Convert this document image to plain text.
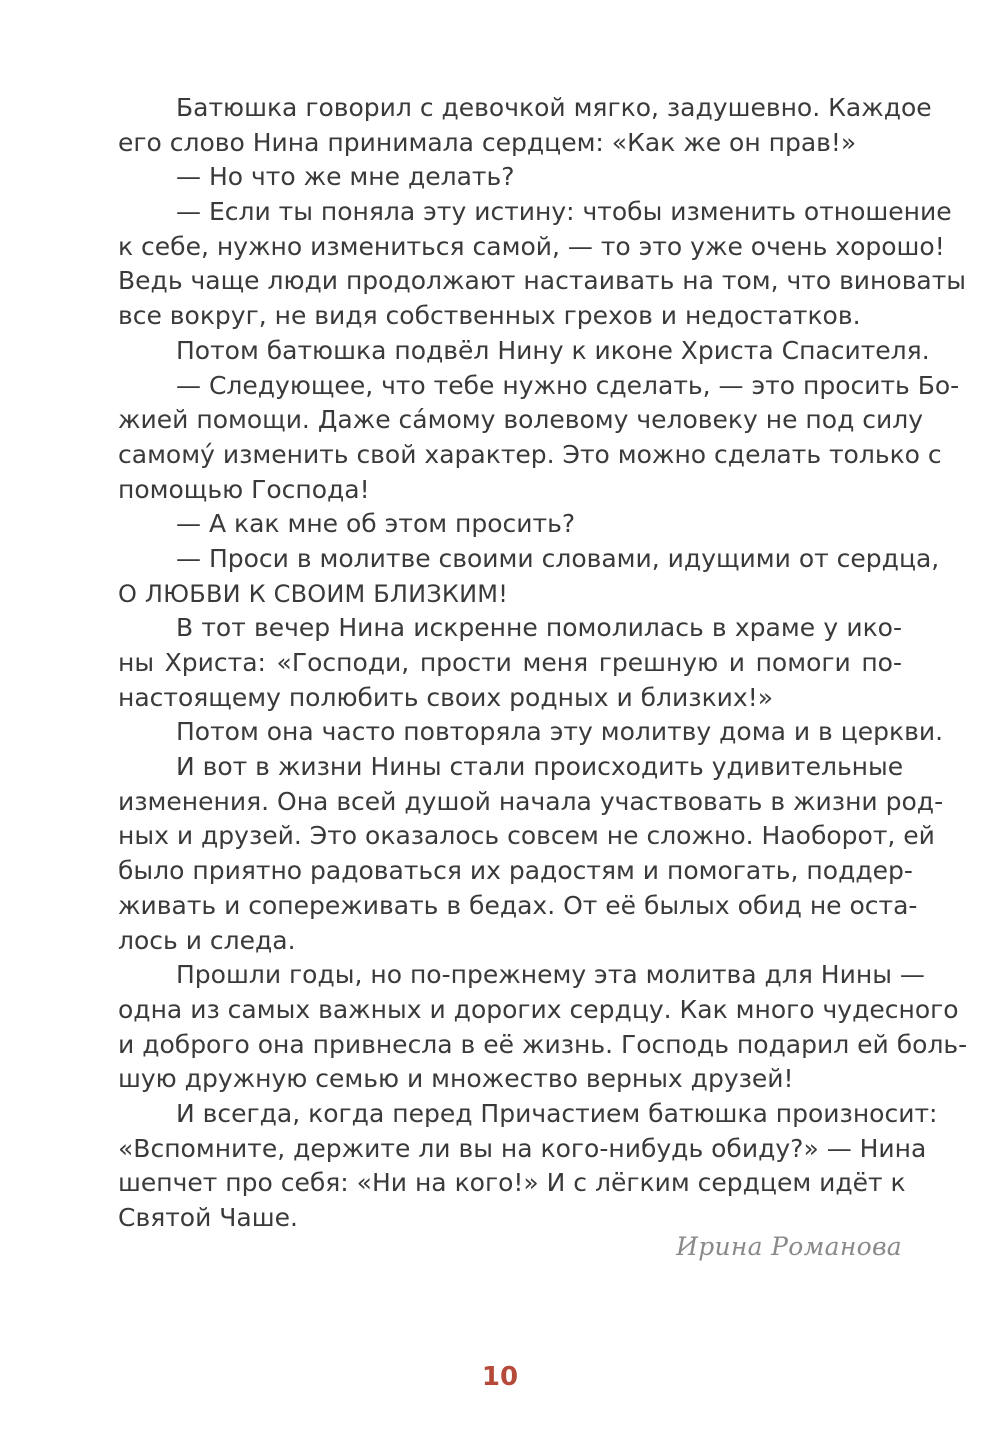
Батюшка говорил с девочкой мягко, задушевно. Каждое
его слово Нина принимала сердцем: «Как же он прав!»
— Но что же мне делать?
— Если ты поняла эту истину: чтобы изменить отношение
к себе, нужно измениться самой, — то это уже очень хорошо!
Ведь чаще люди продолжают настаивать на том, что виноваты
все вокруг, не видя собственных грехов и недостатков.
Потом батюшка подвёл Нину к иконе Христа Спасителя.
— Следующее, что тебе нужно сделать, — это просить Бо-
жией помощи. Даже сáмому волевому человеку не под силу
самомý изменить свой характер. Это можно сделать только с
помощью Господа!
— А как мне об этом просить?
— Проси в молитве своими словами, идущими от сердца,
О ЛЮБВИ К СВОИМ БЛИЗКИМ!
В тот вечер Нина искренне помолилась в храме у ико-
ны Христа: «Господи, прости меня грешную и помоги по-
настоящему полюбить своих родных и близких!»
Потом она часто повторяла эту молитву дома и в церкви.
И вот в жизни Нины стали происходить удивительные
изменения. Она всей душой начала участвовать в жизни род-
ных и друзей. Это оказалось совсем не сложно. Наоборот, ей
было приятно радоваться их радостям и помогать, поддер-
живать и сопереживать в бедах. От её былых обид не оста-
лось и следа.
Прошли годы, но по-прежнему эта молитва для Нины —
одна из самых важных и дорогих сердцу. Как много чудесного
и доброго она привнесла в её жизнь. Господь подарил ей боль-
шую дружную семью и множество верных друзей!
И всегда, когда перед Причастием батюшка произносит:
«Вспомните, держите ли вы на кого-нибудь обиду?» — Нина
шепчет про себя: «Ни на кого!» И с лёгким сердцем идёт к
Святой Чаше.
Ирина Романова
10
